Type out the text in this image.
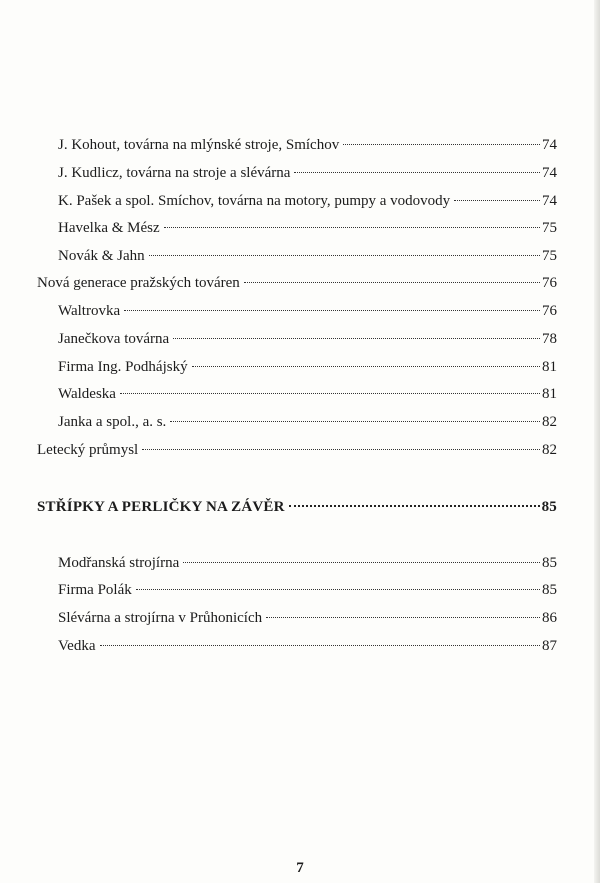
J. Kohout, továrna na mlýnské stroje, Smíchov	74
J. Kudlicz, továrna na stroje a slévárna	74
K. Pašek a spol. Smíchov, továrna na motory, pumpy a vodovody	74
Havelka & Mész	75
Novák & Jahn	75
Nová generace pražských továren	76
Waltrovka	76
Janečkova továrna	78
Firma Ing. Podhájský	81
Waldeska	81
Janka a spol., a. s.	82
Letecký průmysl	82
STŘÍPKY A PERLIČKY NA ZÁVĚR	85
Modřanská strojírna	85
Firma Polák	85
Slévárna a strojírna v Průhonicích	86
Vedka	87
7
